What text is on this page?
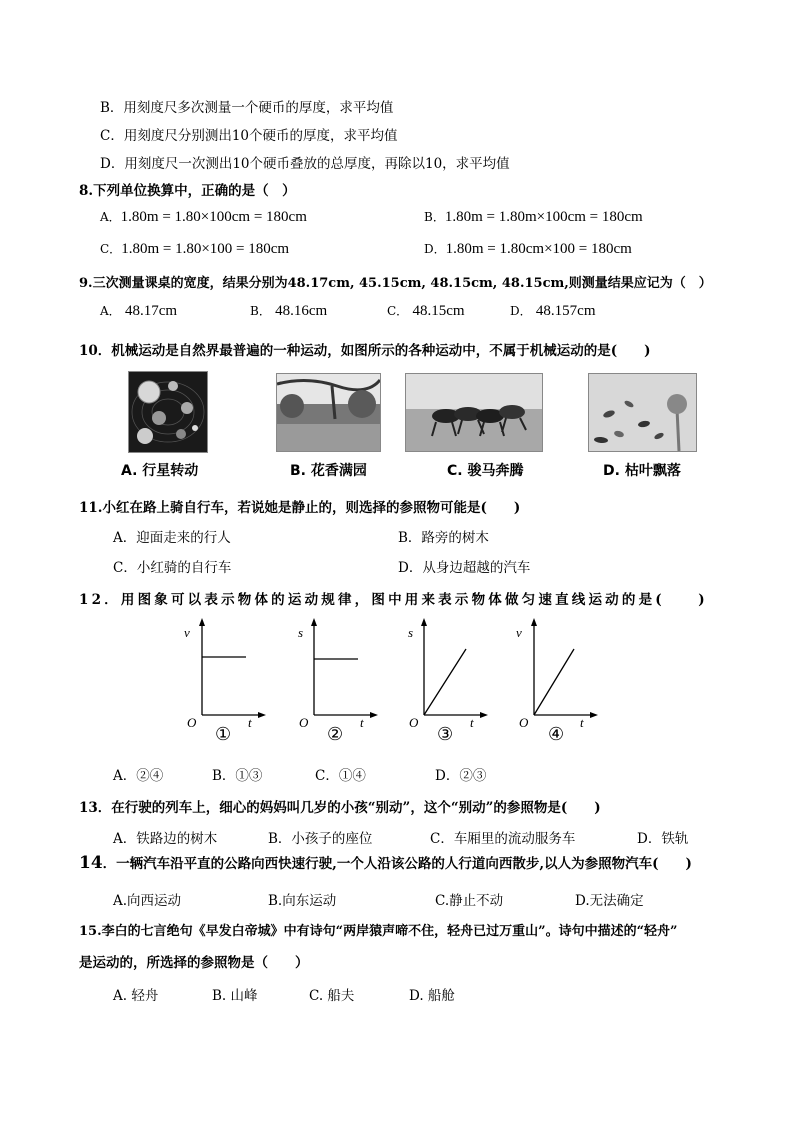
B．用刻度尺多次测量一个硬币的厚度，求平均值
C．用刻度尺分别测出10个硬币的厚度，求平均值
D．用刻度尺一次测出10个硬币叠放的总厚度，再除以10，求平均值
8.下列单位换算中，正确的是（　）
A．1.80m = 1.80×100cm = 180cm	B．1.80m = 1.80m×100cm = 180cm
C．1.80m = 1.80×100 = 180cm	D．1.80m = 1.80cm×100 = 180cm
9.三次测量课桌的宽度，结果分别为48.17cm, 45.15cm, 48.15cm, 48.15cm,则测量结果应记为（　）
A． 48.17cm	B． 48.16cm	C． 48.15cm	D． 48.157cm
10．机械运动是自然界最普遍的一种运动，如图所示的各种运动中，不属于机械运动的是(　　)
A. 行星转动	B. 花香满园	C. 骏马奔腾	D. 枯叶飘落
11.小红在路上骑自行车，若说她是静止的，则选择的参照物可能是(　　)
A．迎面走来的行人	B．路旁的树木
C．小红骑的自行车	D．从身边超越的汽车
12．用图象可以表示物体的运动规律，图中用来表示物体做匀速直线运动的是(　　)
v
t
O
①
s
t
O
②
s
t
O
③
v
t
O
④
A．②④	B．①③	C．①④	D．②③
13．在行驶的列车上，细心的妈妈叫几岁的小孩“别动”，这个“别动”的参照物是(　　)
A．铁路边的树木	B．小孩子的座位	C．车厢里的流动服务车	D．铁轨
14．一辆汽车沿平直的公路向西快速行驶,一个人沿该公路的人行道向西散步,以人为参照物汽车(　　)
A.向西运动	B.向东运动	C.静止不动	D.无法确定
15.李白的七言绝句《早发白帝城》中有诗句“两岸猿声啼不住，轻舟已过万重山”。诗句中描述的“轻舟”
是运动的，所选择的参照物是（　　）
A. 轻舟	B. 山峰	C. 船夫	D. 船舱
